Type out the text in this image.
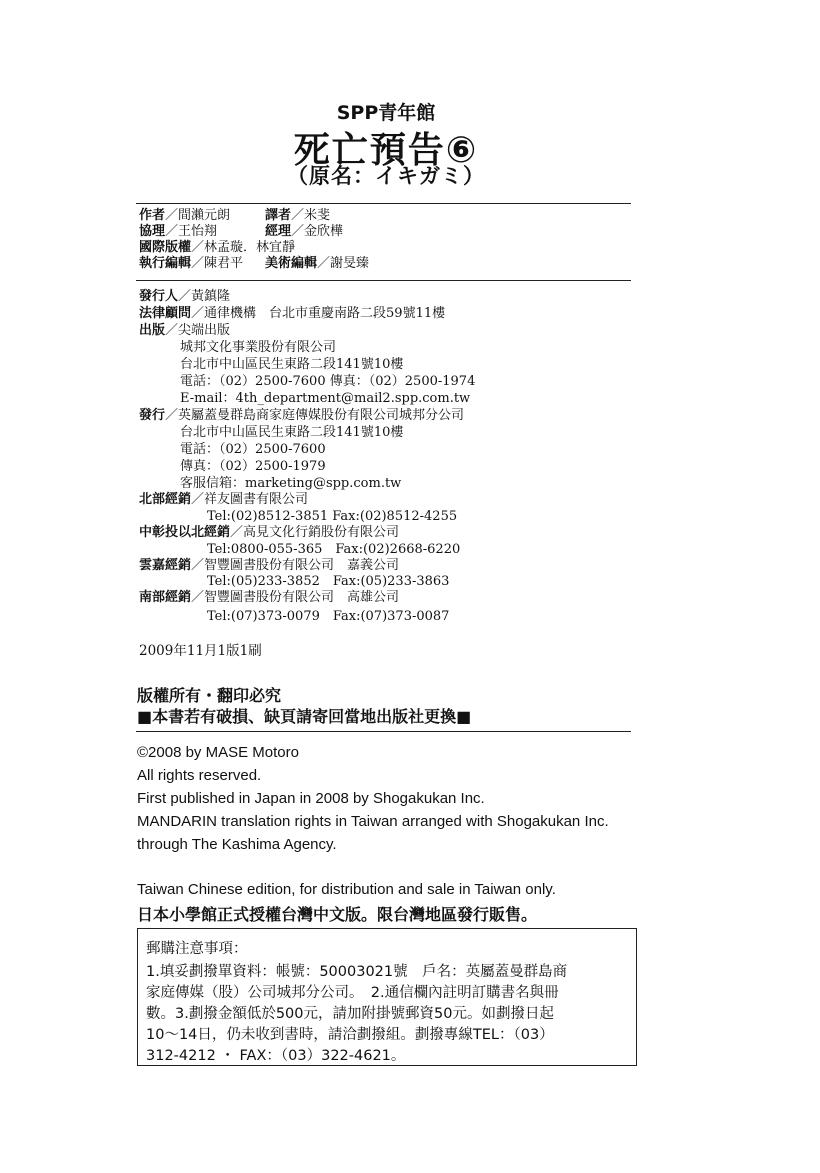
SPP青年館
死亡預告⑥
（原名：イキガミ）
作者／間瀨元朗	譯者／米斐
協理／王怡翔	經理／金欣樺
國際版權／林孟璇．林宜靜
執行編輯／陳君平 美術編輯／謝旻臻
發行人／黃鎮隆
法律顧問／通律機構　台北市重慶南路二段59號11樓
出版／尖端出版
城邦文化事業股份有限公司
台北市中山區民生東路二段141號10樓
電話：（02）2500-7600 傳真：（02）2500-1974
E-mail：4th_department@mail2.spp.com.tw
發行／英屬蓋曼群島商家庭傳媒股份有限公司城邦分公司
台北市中山區民生東路二段141號10樓
電話：（02）2500-7600
傳真：（02）2500-1979
客服信箱：marketing@spp.com.tw
北部經銷／祥友圖書有限公司
Tel:(02)8512-3851 Fax:(02)8512-4255
中彰投以北經銷／高見文化行銷股份有限公司
Tel:0800-055-365　Fax:(02)2668-6220
雲嘉經銷／智豐圖書股份有限公司　嘉義公司
Tel:(05)233-3852　Fax:(05)233-3863
南部經銷／智豐圖書股份有限公司　高雄公司
Tel:(07)373-0079　Fax:(07)373-0087
2009年11月1版1刷
版權所有・翻印必究
■本書若有破損、缺頁請寄回當地出版社更換■
©2008 by MASE Motoro
All rights reserved.
First published in Japan in 2008 by Shogakukan Inc.
MANDARIN translation rights in Taiwan arranged with Shogakukan Inc.
through The Kashima Agency.
Taiwan Chinese edition, for distribution and sale in Taiwan only.
日本小學館正式授權台灣中文版。限台灣地區發行販售。
郵購注意事項：
1.填妥劃撥單資料：帳號：50003021號　戶名：英屬蓋曼群島商
家庭傳媒（股）公司城邦分公司。　2.通信欄內註明訂購書名與冊
數。3.劃撥金額低於500元，請加附掛號郵資50元。如劃撥日起
10～14日，仍未收到書時，請洽劃撥組。劃撥專線TEL：（03）
312-4212 ・ FAX：（03）322-4621。
